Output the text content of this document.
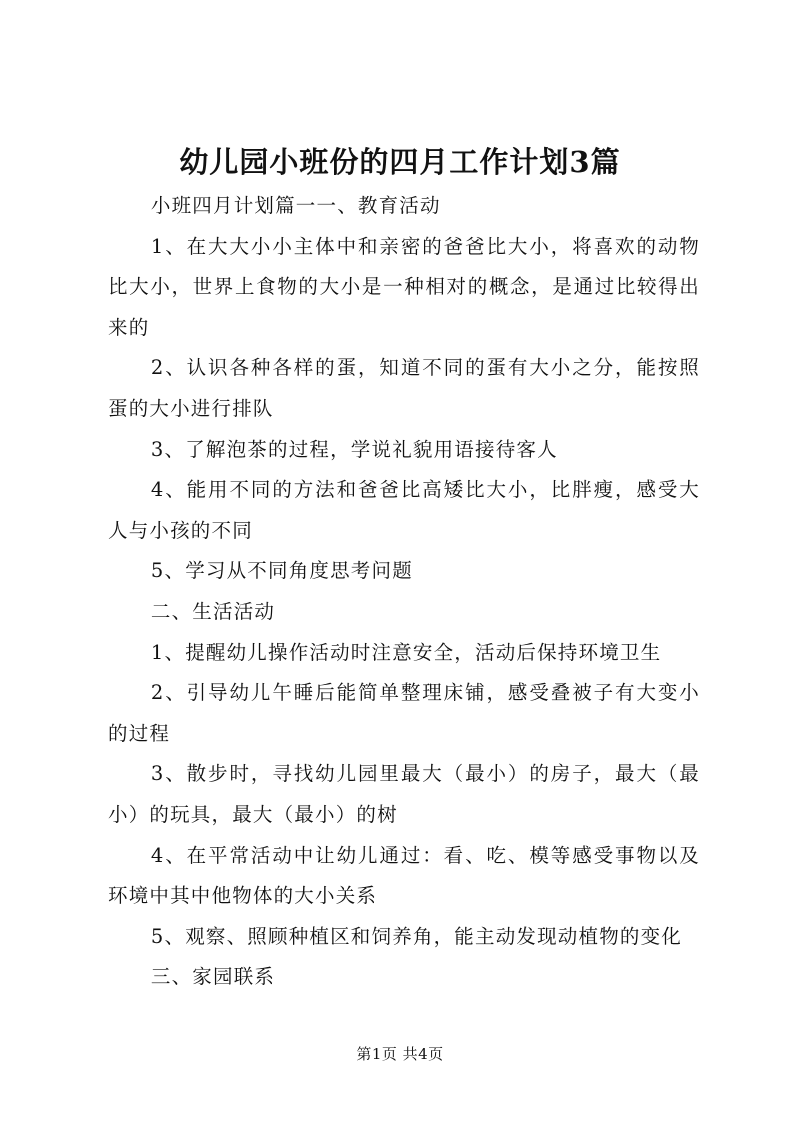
幼儿园小班份的四月工作计划3篇

小班四月计划篇一一、教育活动

1、在大大小小主体中和亲密的爸爸比大小，将喜欢的动物比大小，世界上食物的大小是一种相对的概念，是通过比较得出来的

2、认识各种各样的蛋，知道不同的蛋有大小之分，能按照蛋的大小进行排队

3、了解泡茶的过程，学说礼貌用语接待客人

4、能用不同的方法和爸爸比高矮比大小，比胖瘦，感受大人与小孩的不同

5、学习从不同角度思考问题

二、生活活动

1、提醒幼儿操作活动时注意安全，活动后保持环境卫生

2、引导幼儿午睡后能简单整理床铺，感受叠被子有大变小的过程

3、散步时，寻找幼儿园里最大（最小）的房子，最大（最小）的玩具，最大（最小）的树

4、在平常活动中让幼儿通过：看、吃、模等感受事物以及环境中其中他物体的大小关系

5、观察、照顾种植区和饲养角，能主动发现动植物的变化

三、家园联系

第1页 共4页
